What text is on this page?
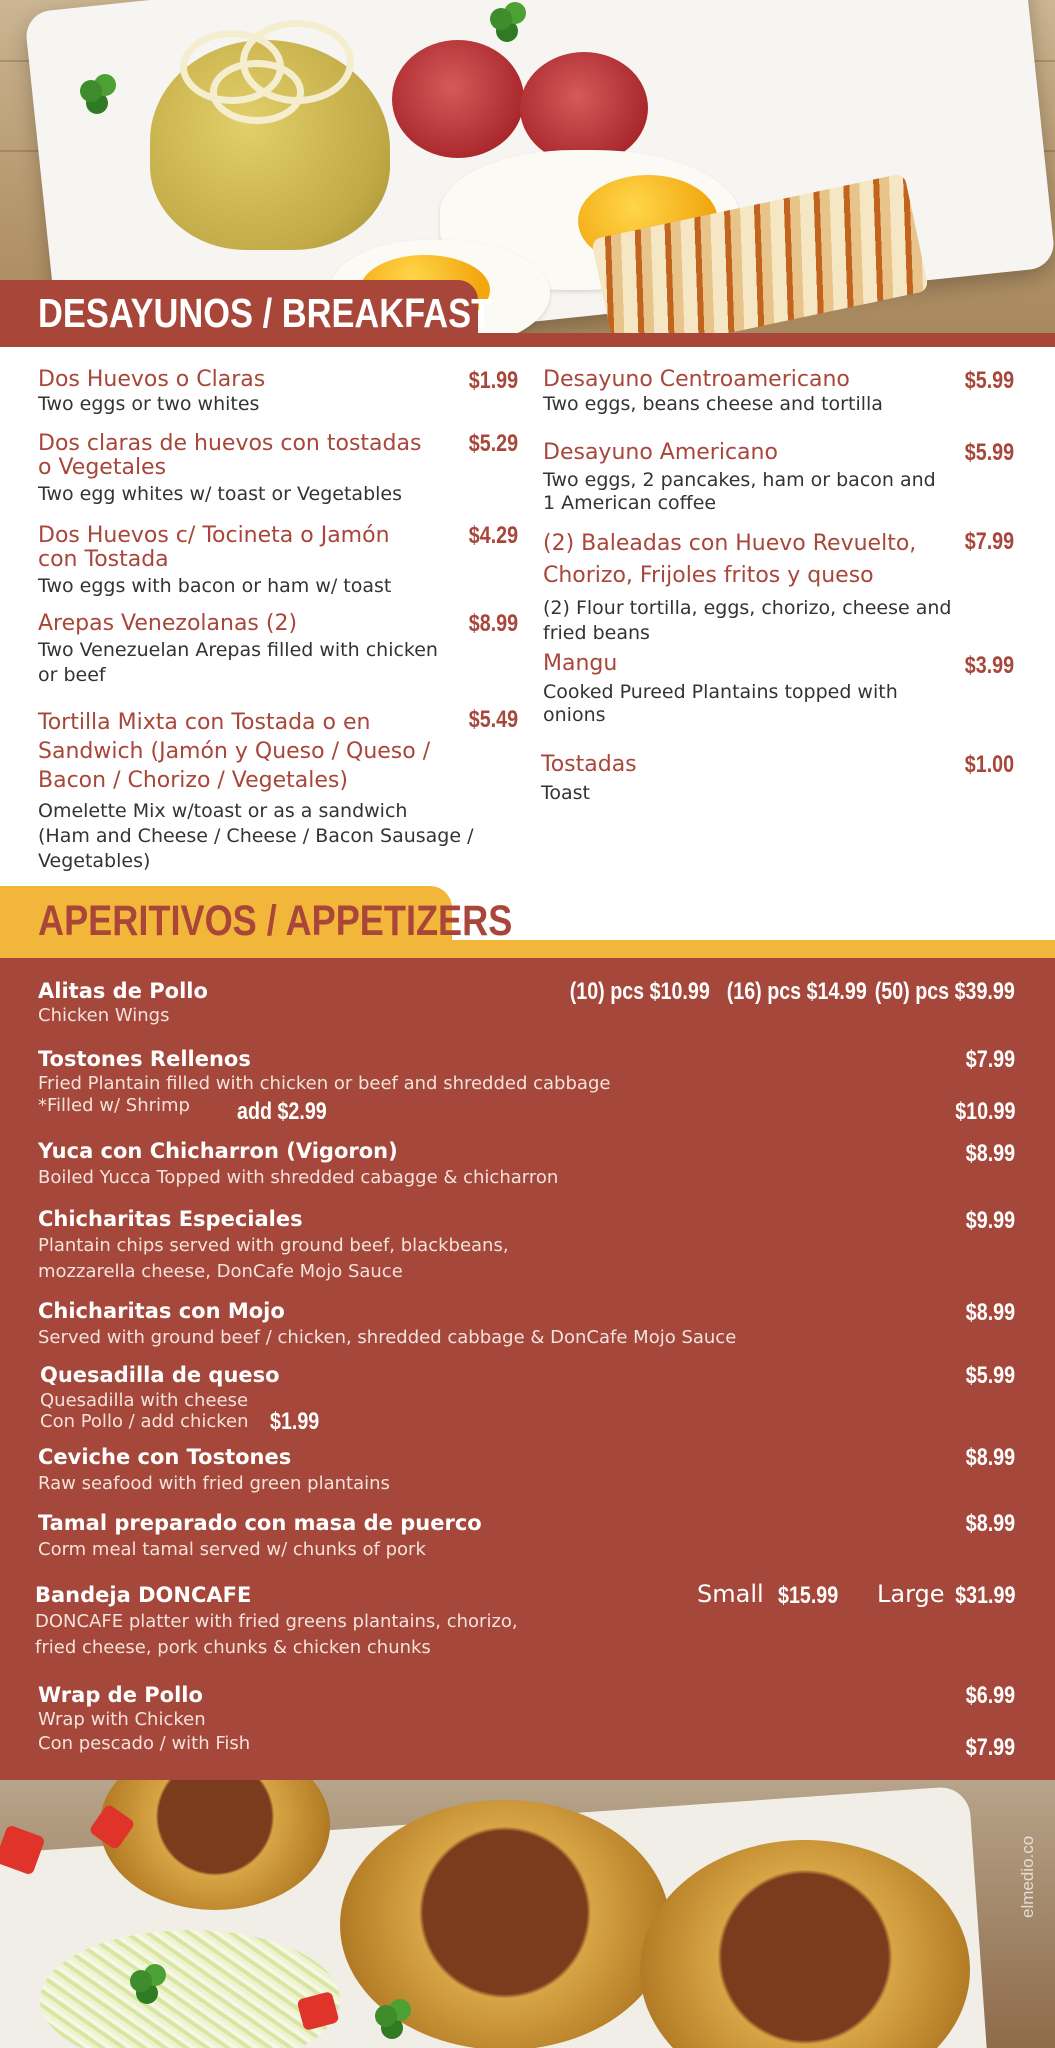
DESAYUNOS / BREAKFAST
Dos Huevos o Claras
Two eggs or two whites
$1.99
Dos claras de huevos con tostadas
o Vegetales
Two egg whites w/ toast or Vegetables
$5.29
Dos Huevos c/ Tocineta o Jamón
con Tostada
Two eggs with bacon or ham w/ toast
$4.29
Arepas Venezolanas (2)
Two Venezuelan Arepas filled with chicken
or beef
$8.99
Tortilla Mixta con Tostada o en
Sandwich (Jamón y Queso / Queso /
Bacon / Chorizo / Vegetales)
Omelette Mix w/toast or as a sandwich
(Ham and Cheese / Cheese / Bacon Sausage /
Vegetables)
$5.49
Desayuno Centroamericano
Two eggs, beans cheese and tortilla
$5.99
Desayuno Americano
Two eggs, 2 pancakes, ham or bacon and
1 American coffee
$5.99
(2) Baleadas con Huevo Revuelto,
Chorizo, Frijoles fritos y queso
(2) Flour tortilla, eggs, chorizo, cheese and
fried beans
$7.99
Mangu
Cooked Pureed Plantains topped with
onions
$3.99
Tostadas
Toast
$1.00
APERITIVOS / APPETIZERS
Alitas de Pollo
Chicken Wings
(10) pcs $10.99 (16) pcs $14.99 (50) pcs $39.99
Tostones Rellenos
Fried Plantain filled with chicken or beef and shredded cabbage
*Filled w/ Shrimp	add $2.99
$7.99
$10.99
Yuca con Chicharron (Vigoron)
Boiled Yucca Topped with shredded cabagge & chicharron
$8.99
Chicharitas Especiales
Plantain chips served with ground beef, blackbeans,
mozzarella cheese, DonCafe Mojo Sauce
$9.99
Chicharitas con Mojo
Served with ground beef / chicken, shredded cabbage & DonCafe Mojo Sauce
$8.99
Quesadilla de queso
Quesadilla with cheese
Con Pollo / add chicken $1.99
$5.99
Ceviche con Tostones
Raw seafood with fried green plantains
$8.99
Tamal preparado con masa de puerco
Corm meal tamal served w/ chunks of pork
$8.99
Bandeja DONCAFE
DONCAFE platter with fried greens plantains, chorizo,
fried cheese, pork chunks & chicken chunks
Small $15.99 Large $31.99
Wrap de Pollo
Wrap with Chicken
Con pescado / with Fish
$6.99
$7.99
elmedio.co
